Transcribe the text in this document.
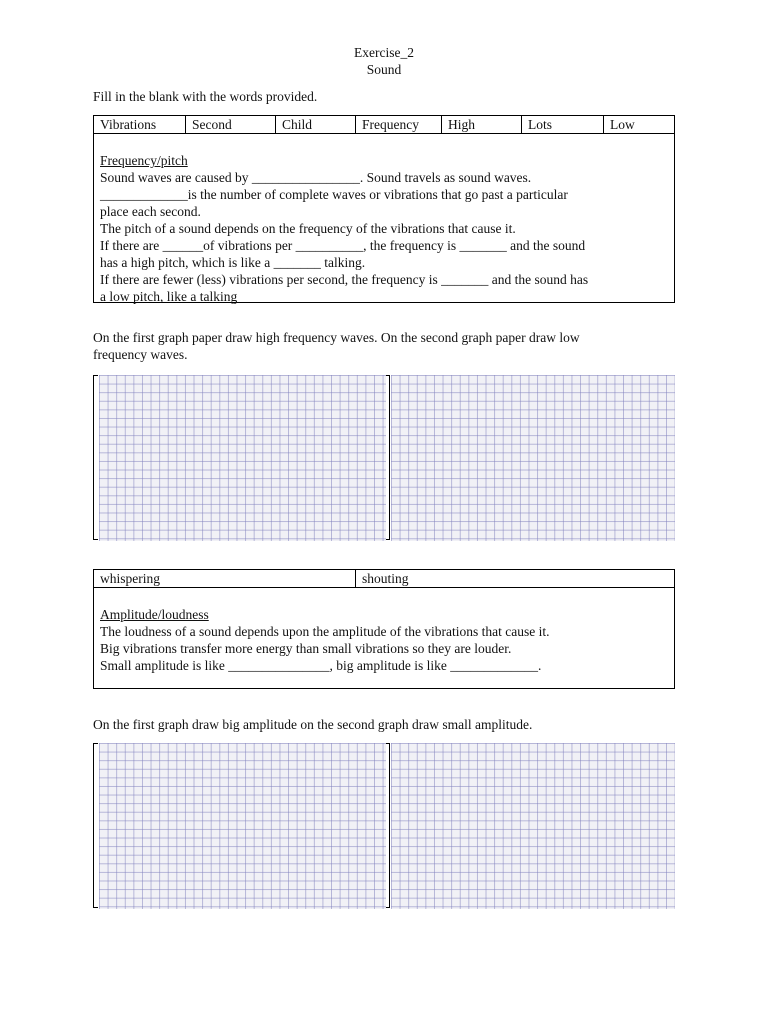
Exercise_2
Sound
Fill in the blank with the words provided.
Vibrations	Second	Child	Frequency	High	Lots	Low
Frequency/pitch
Sound waves are caused by ________________. Sound travels as sound waves.
_____________is the number of complete waves or vibrations that go past a particular
place each second.
The pitch of a sound depends on the frequency of the vibrations that cause it.
If there are ______of vibrations per __________, the frequency is _______ and the sound
has a high pitch, which is like a _______ talking.
If there are fewer (less) vibrations per second, the frequency is _______ and the sound has
a low pitch, like a talking
On the first graph paper draw high frequency waves. On the second graph paper draw low
frequency waves.
whispering	shouting
Amplitude/loudness
The loudness of a sound depends upon the amplitude of the vibrations that cause it.
Big vibrations transfer more energy than small vibrations so they are louder.
Small amplitude is like _______________, big amplitude is like _____________.
On the first graph draw big amplitude on the second graph draw small amplitude.
